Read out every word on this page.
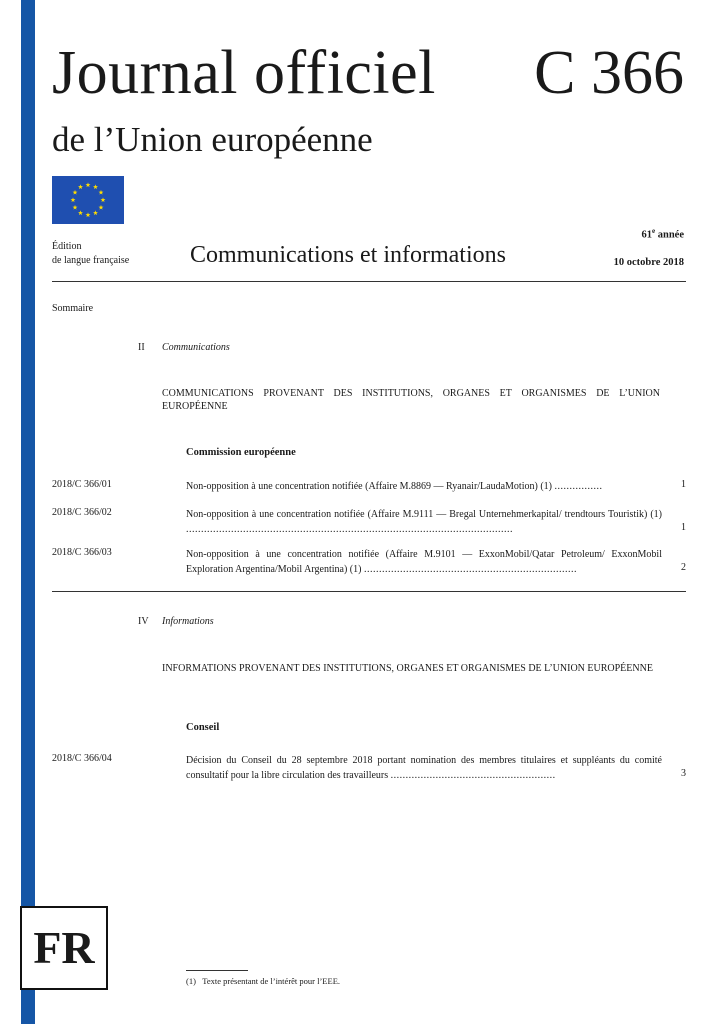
Journal officiel C 366
de l’Union européenne
Édition
de langue française	Communications et informations
61e année
10 octobre 2018
Sommaire
II Communications
COMMUNICATIONS PROVENANT DES INSTITUTIONS, ORGANES ET ORGANISMES DE L’UNION EUROPÉENNE
Commission européenne
2018/C 366/01	Non-opposition à une concentration notifiée (Affaire M.8869 — Ryanair/LaudaMotion) (1) ................	1
2018/C 366/02	Non-opposition à une concentration notifiée (Affaire M.9111 — Bregal Unternehmerkapital/ trendtours Touristik) (1) .............................................................................................................	1
2018/C 366/03	Non-opposition à une concentration notifiée (Affaire M.9101 — ExxonMobil/Qatar Petroleum/ ExxonMobil Exploration Argentina/Mobil Argentina) (1) .......................................................................	2
IV Informations
INFORMATIONS PROVENANT DES INSTITUTIONS, ORGANES ET ORGANISMES DE L’UNION EUROPÉENNE
Conseil
2018/C 366/04	Décision du Conseil du 28 septembre 2018 portant nomination des membres titulaires et suppléants du comité consultatif pour la libre circulation des travailleurs .......................................................	3
FR
(1) Texte présentant de l’intérêt pour l’EEE.
